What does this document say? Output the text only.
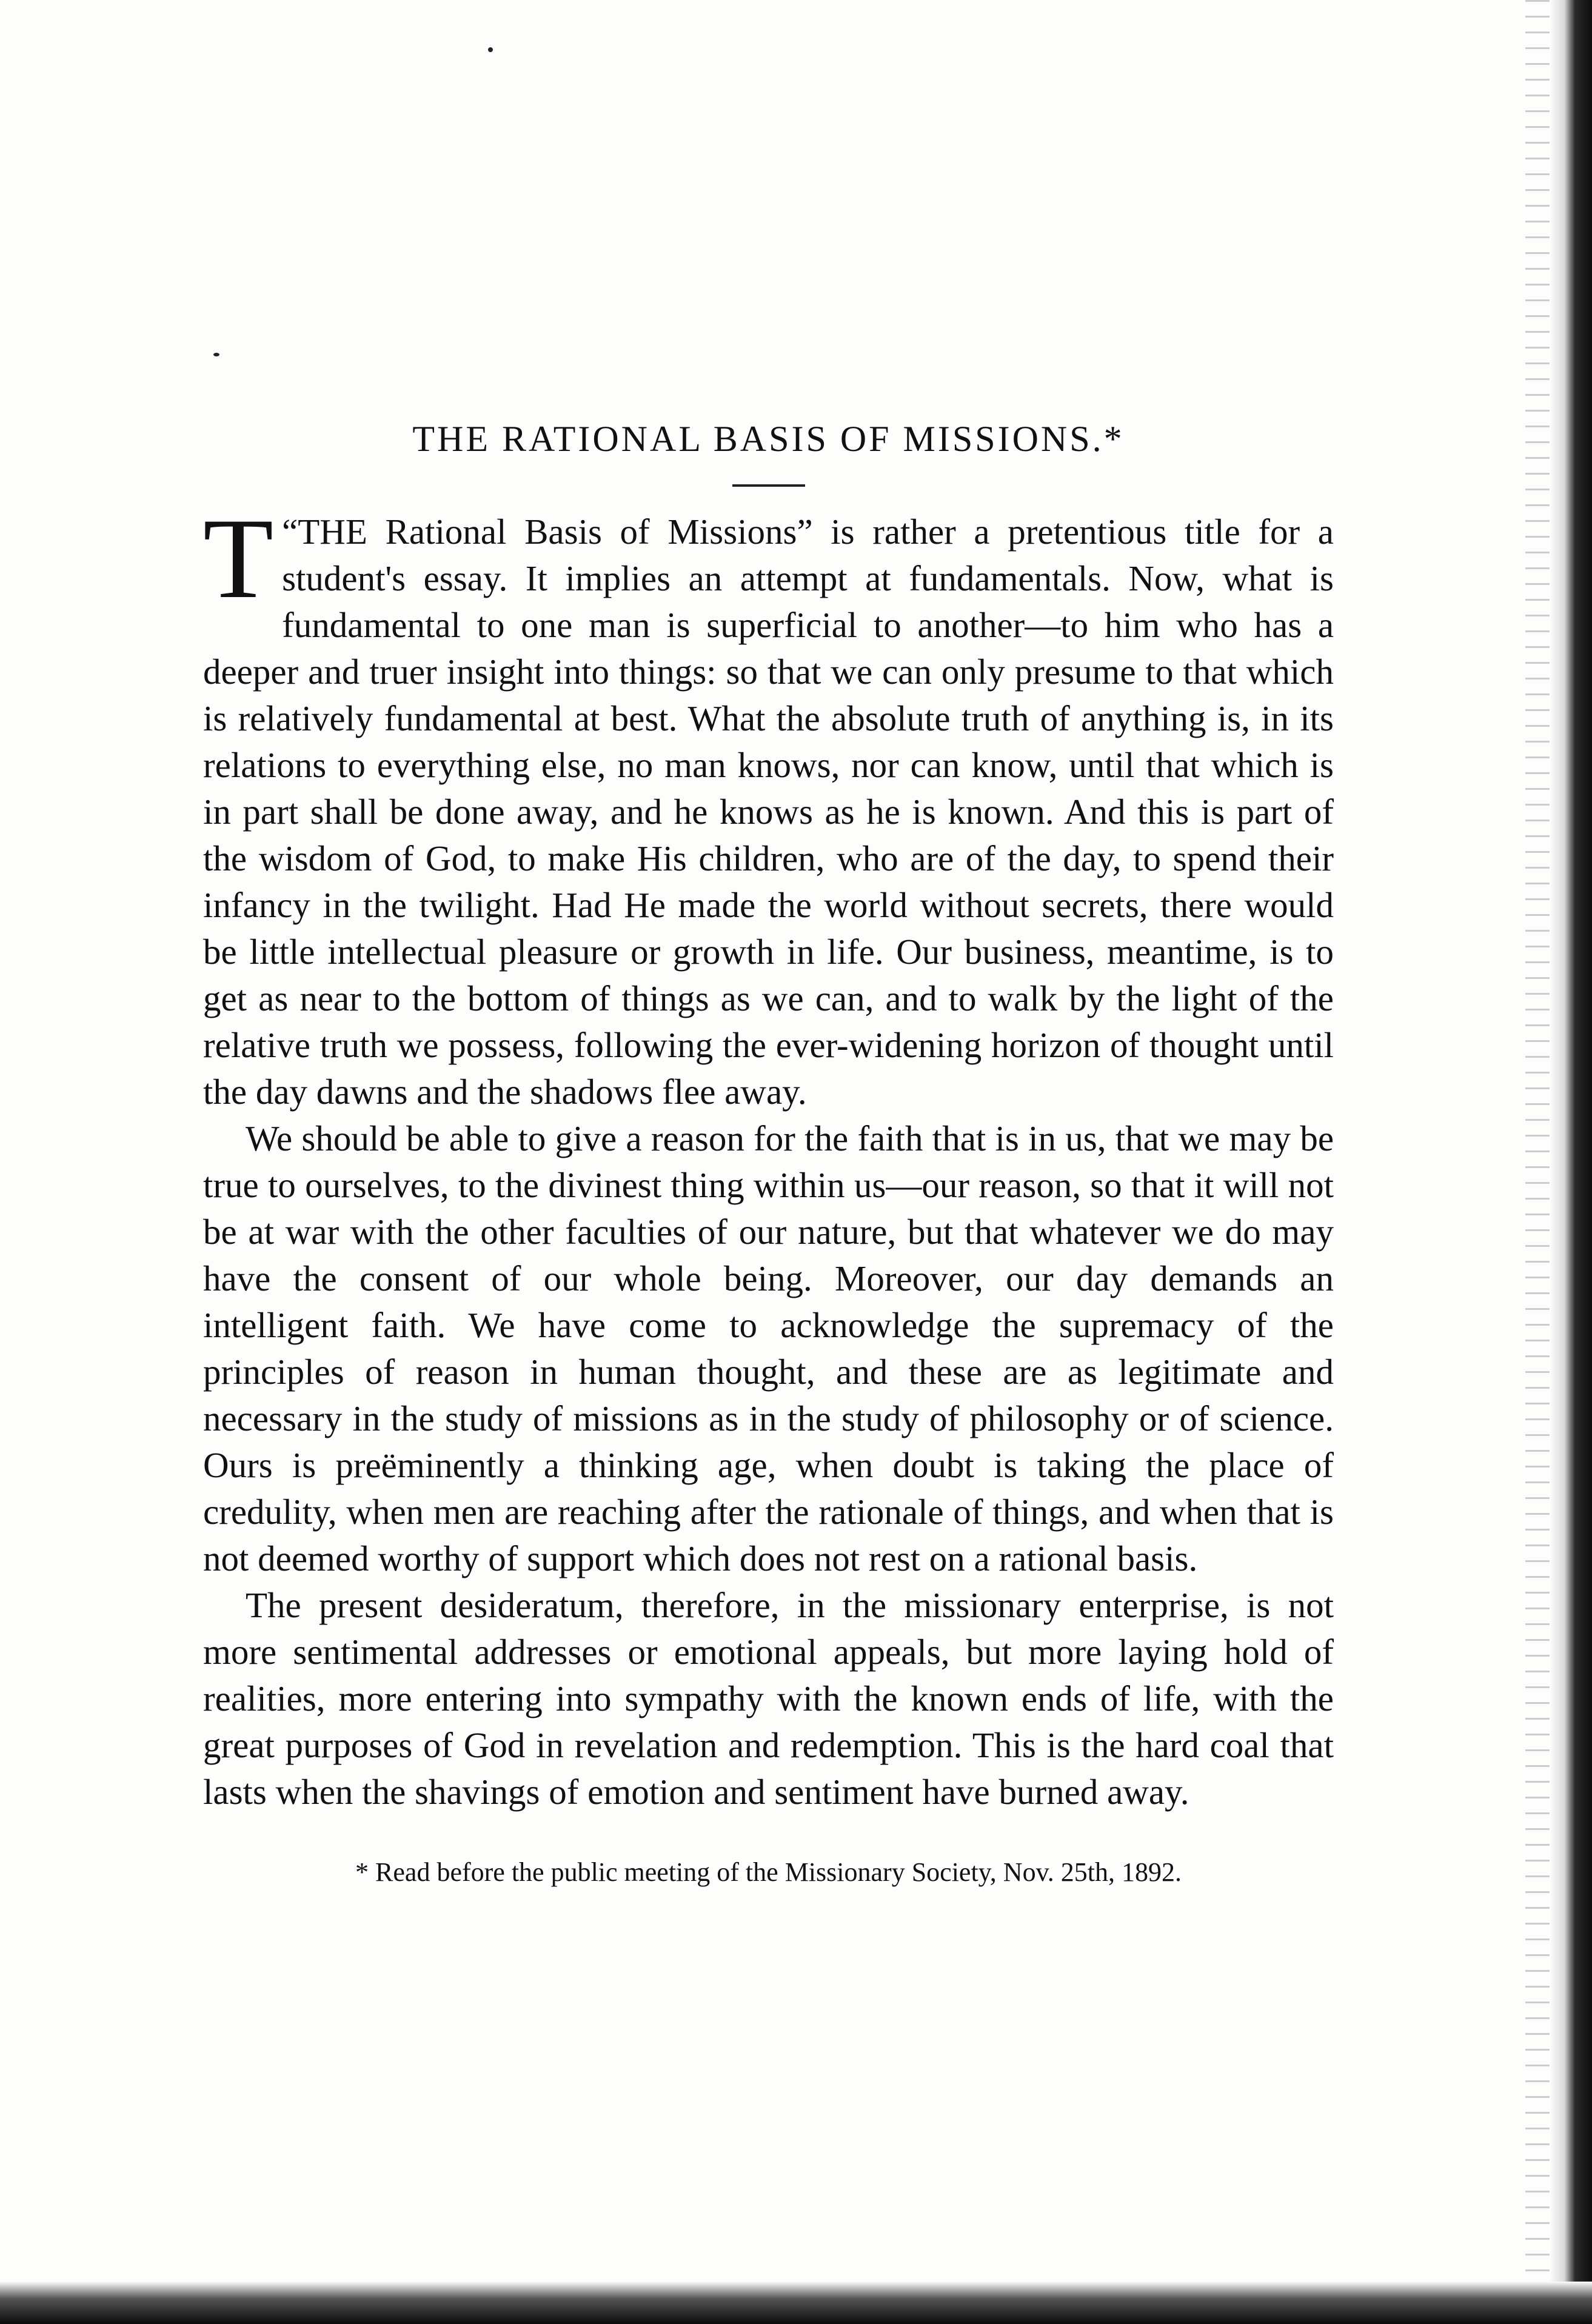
THE RATIONAL BASIS OF MISSIONS.*

T “THE Rational Basis of Missions” is rather a pretentious title for a student's essay. It implies an attempt at fundamentals. Now, what is fundamental to one man is superficial to another—to him who has a deeper and truer insight into things: so that we can only presume to that which is relatively fundamental at best. What the absolute truth of anything is, in its relations to everything else, no man knows, nor can know, until that which is in part shall be done away, and he knows as he is known. And this is part of the wisdom of God, to make His children, who are of the day, to spend their infancy in the twilight. Had He made the world without secrets, there would be little intellectual pleasure or growth in life. Our business, meantime, is to get as near to the bottom of things as we can, and to walk by the light of the relative truth we possess, following the ever-widening horizon of thought until the day dawns and the shadows flee away.

We should be able to give a reason for the faith that is in us, that we may be true to ourselves, to the divinest thing within us—our reason, so that it will not be at war with the other faculties of our nature, but that whatever we do may have the consent of our whole being. Moreover, our day demands an intelligent faith. We have come to acknowledge the supremacy of the principles of reason in human thought, and these are as legitimate and necessary in the study of missions as in the study of philosophy or of science. Ours is preëminently a thinking age, when doubt is taking the place of credulity, when men are reaching after the rationale of things, and when that is not deemed worthy of support which does not rest on a rational basis.

The present desideratum, therefore, in the missionary enterprise, is not more sentimental addresses or emotional appeals, but more laying hold of realities, more entering into sympathy with the known ends of life, with the great purposes of God in revelation and redemption. This is the hard coal that lasts when the shavings of emotion and sentiment have burned away.

* Read before the public meeting of the Missionary Society, Nov. 25th, 1892.
